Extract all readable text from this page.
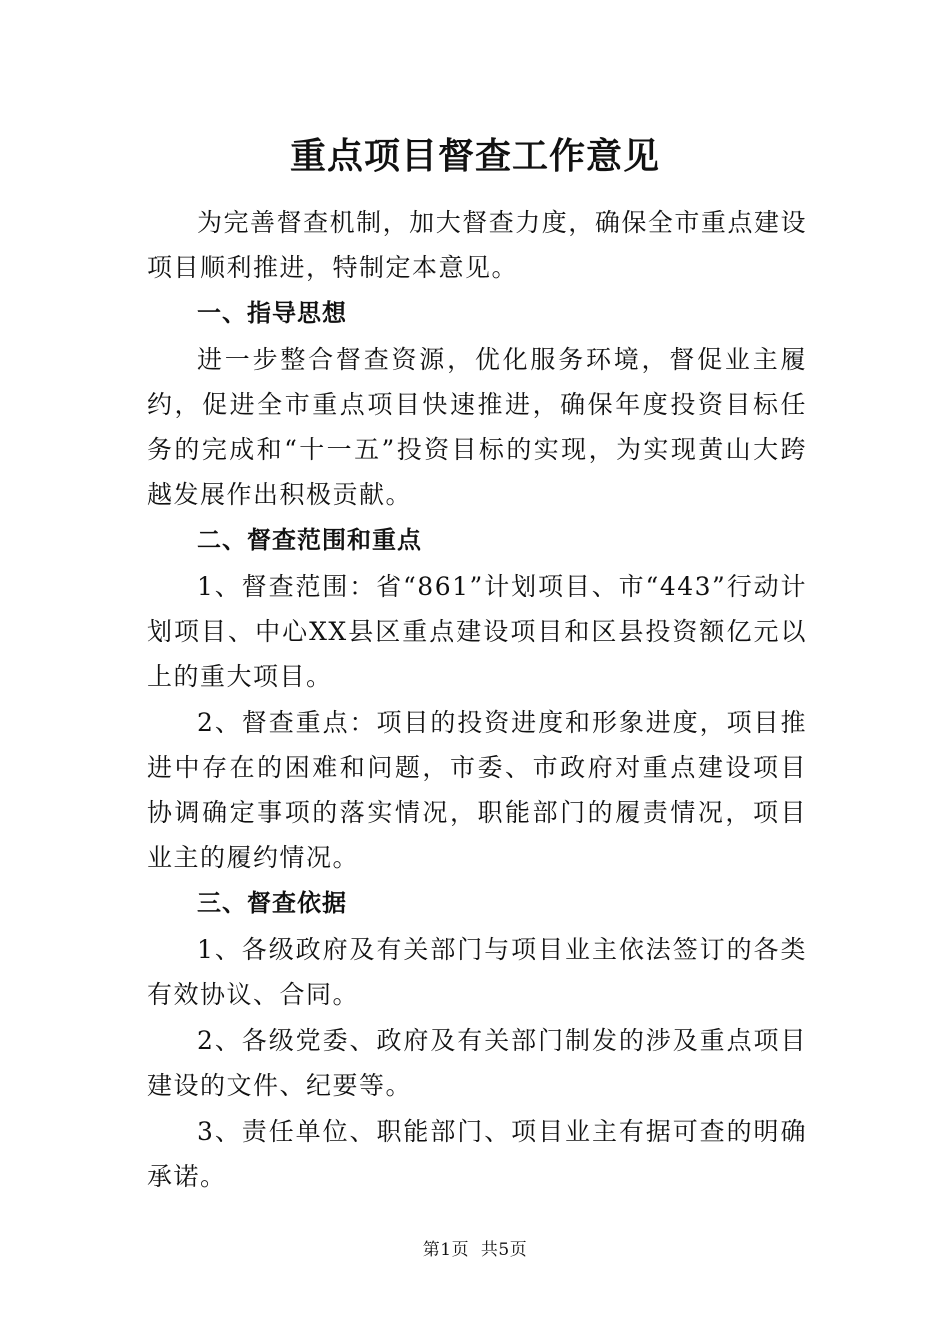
重点项目督查工作意见

为完善督查机制，加大督查力度，确保全市重点建设项目顺利推进，特制定本意见。

一、指导思想

进一步整合督查资源，优化服务环境，督促业主履约，促进全市重点项目快速推进，确保年度投资目标任务的完成和“十一五”投资目标的实现，为实现黄山大跨越发展作出积极贡献。

二、督查范围和重点

1、督查范围：省“861”计划项目、市“443”行动计划项目、中心XX县区重点建设项目和区县投资额亿元以上的重大项目。

2、督查重点：项目的投资进度和形象进度，项目推进中存在的困难和问题，市委、市政府对重点建设项目协调确定事项的落实情况，职能部门的履责情况，项目业主的履约情况。

三、督查依据

1、各级政府及有关部门与项目业主依法签订的各类有效协议、合同。

2、各级党委、政府及有关部门制发的涉及重点项目建设的文件、纪要等。

3、责任单位、职能部门、项目业主有据可查的明确承诺。

第1页  共5页
